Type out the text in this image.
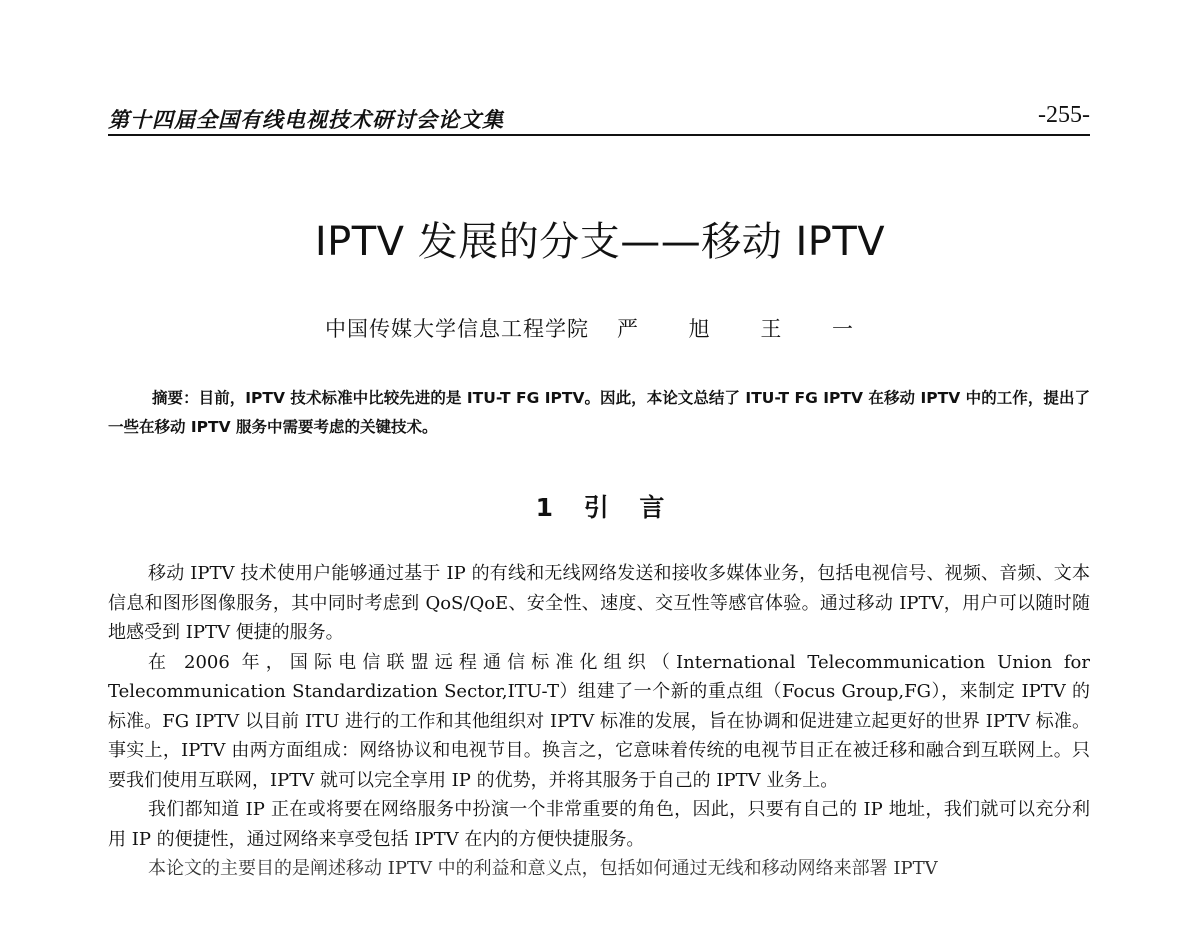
第十四届全国有线电视技术研讨会论文集	-255-
IPTV 发展的分支——移动 IPTV
中国传媒大学信息工程学院 严 旭 王 一
摘要：目前，IPTV 技术标准中比较先进的是 ITU-T FG IPTV。因此，本论文总结了 ITU-T FG IPTV 在移动 IPTV 中的工作，提出了一些在移动 IPTV 服务中需要考虑的关键技术。
1 引 言

移动 IPTV 技术使用户能够通过基于 IP 的有线和无线网络发送和接收多媒体业务，包括电视信号、视频、音频、文本信息和图形图像服务，其中同时考虑到 QoS/QoE、安全性、速度、交互性等感官体验。通过移动 IPTV，用户可以随时随地感受到 IPTV 便捷的服务。

在 2006 年，国际电信联盟远程通信标准化组织（International Telecommunication Union for Telecommunication Standardization Sector,ITU-T）组建了一个新的重点组（Focus Group,FG），来制定 IPTV 的标准。FG IPTV 以目前 ITU 进行的工作和其他组织对 IPTV 标准的发展，旨在协调和促进建立起更好的世界 IPTV 标准。事实上，IPTV 由两方面组成：网络协议和电视节目。换言之，它意味着传统的电视节目正在被迁移和融合到互联网上。只要我们使用互联网，IPTV 就可以完全享用 IP 的优势，并将其服务于自己的 IPTV 业务上。

我们都知道 IP 正在或将要在网络服务中扮演一个非常重要的角色，因此，只要有自己的 IP 地址，我们就可以充分利用 IP 的便捷性，通过网络来享受包括 IPTV 在内的方便快捷服务。

本论文的主要目的是阐述移动 IPTV 中的利益和意义点，包括如何通过无线和移动网络来部署 IPTV
